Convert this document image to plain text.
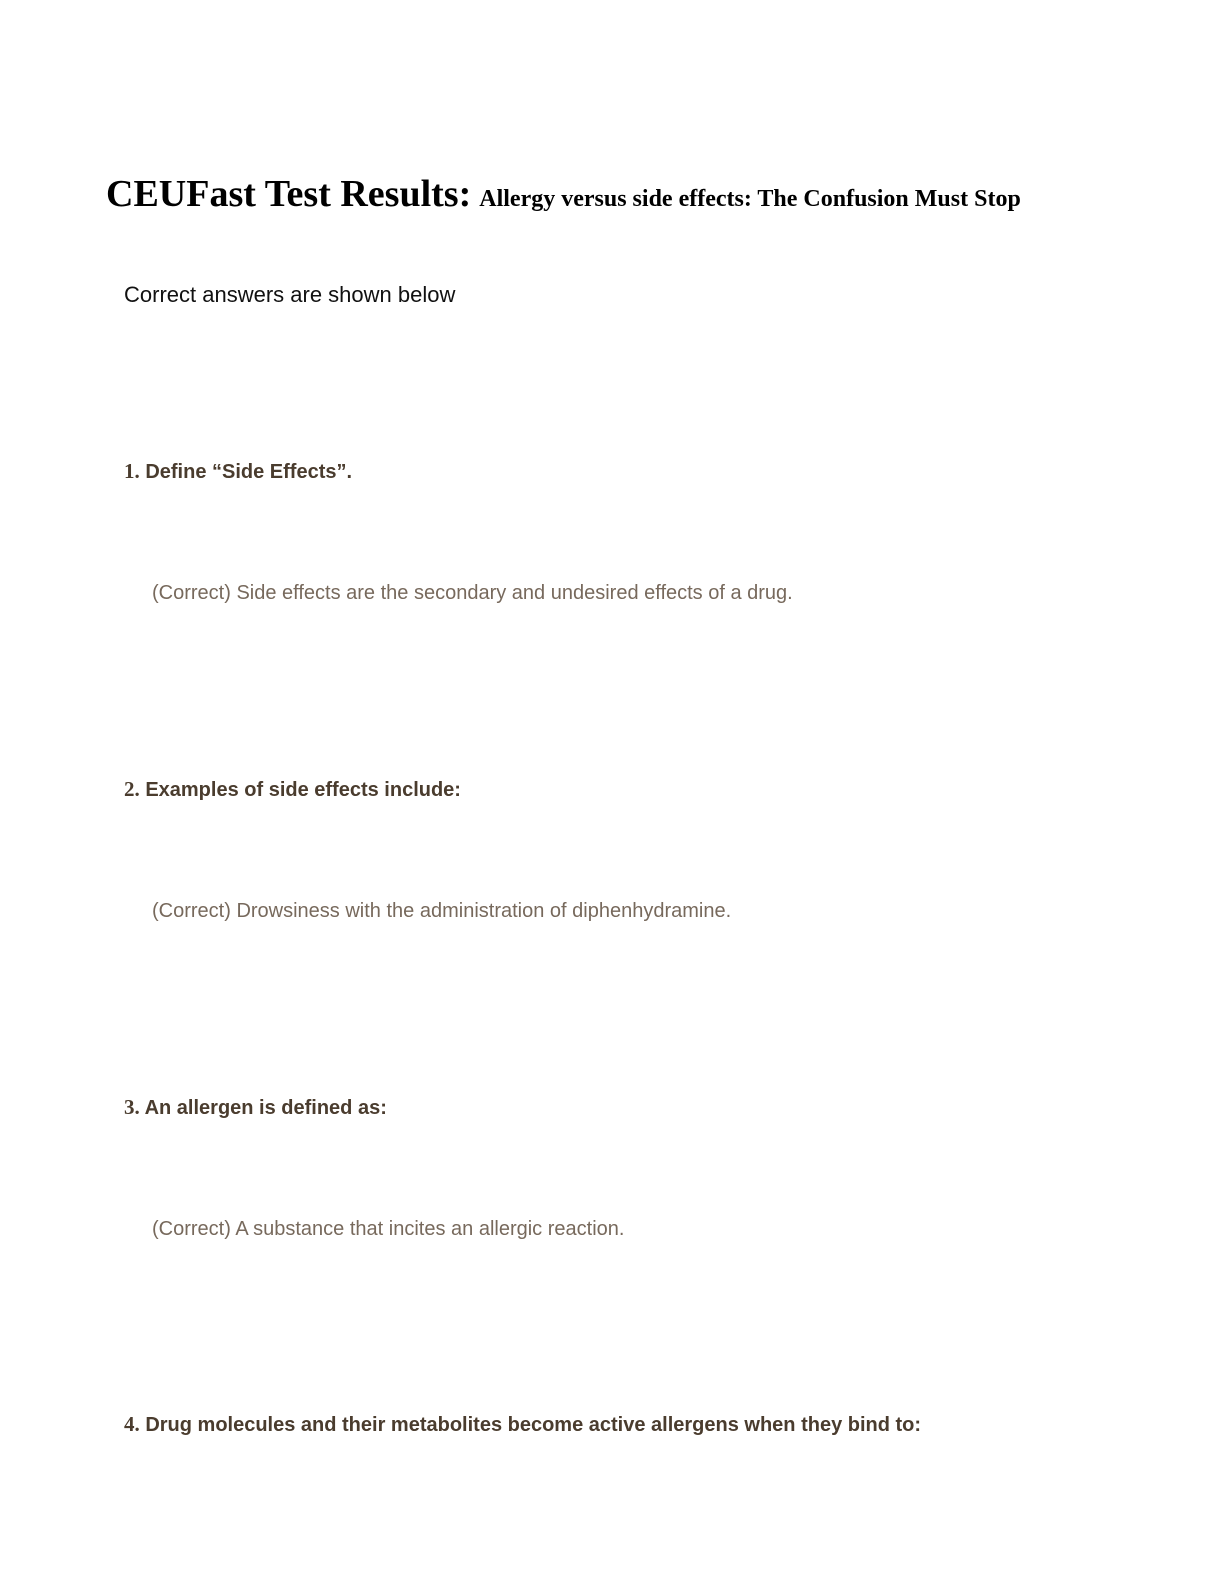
CEUFast Test Results: Allergy versus side effects: The Confusion Must Stop

Correct answers are shown below

1. Define “Side Effects”.

(Correct) Side effects are the secondary and undesired effects of a drug.

2. Examples of side effects include:

(Correct) Drowsiness with the administration of diphenhydramine.

3. An allergen is defined as:

(Correct) A substance that incites an allergic reaction.

4. Drug molecules and their metabolites become active allergens when they bind to:
